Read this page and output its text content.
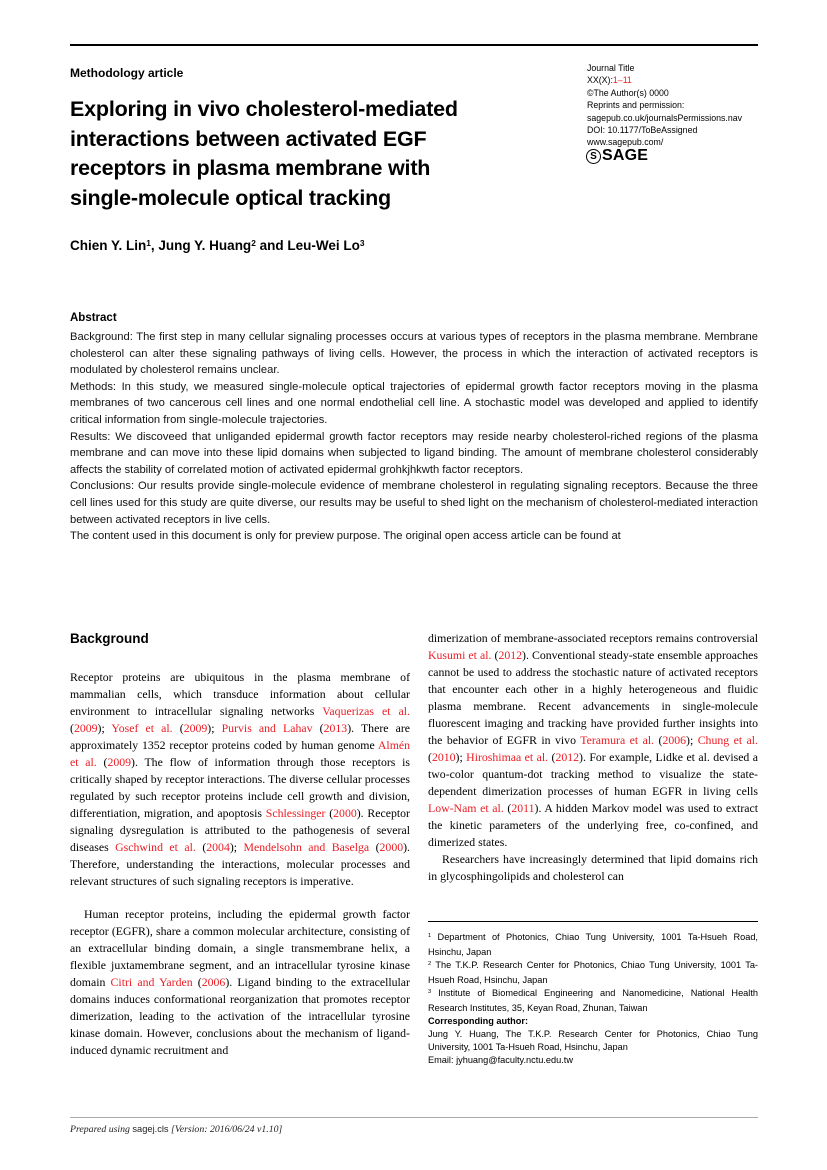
Methodology article	Journal Title
XX(X):1–11
©The Author(s) 0000
Reprints and permission:
sagepub.co.uk/journalsPermissions.nav
DOI: 10.1177/ToBeAssigned
www.sagepub.com/
S SAGE
Exploring in vivo cholesterol-mediated
interactions between activated EGF
receptors in plasma membrane with
single-molecule optical tracking
Chien Y. Lin$^1$, Jung Y. Huang$^2$ and Leu-Wei Lo$^3$
Abstract

Background: The first step in many cellular signaling processes occurs at various types of receptors in the plasma membrane. Membrane cholesterol can alter these signaling pathways of living cells. However, the process in which the interaction of activated receptors is modulated by cholesterol remains unclear.

Methods: In this study, we measured single-molecule optical trajectories of epidermal growth factor receptors moving in the plasma membranes of two cancerous cell lines and one normal endothelial cell line. A stochastic model was developed and applied to identify critical information from single-molecule trajectories.

Results: We discoveed that unliganded epidermal growth factor receptors may reside nearby cholesterol-riched regions of the plasma membrane and can move into these lipid domains when subjected to ligand binding. The amount of membrane cholesterol considerably affects the stability of correlated motion of activated epidermal grohkjhkwth factor receptors.

Conclusions: Our results provide single-molecule evidence of membrane cholesterol in regulating signaling receptors. Because the three cell lines used for this study are quite diverse, our results may be useful to shed light on the mechanism of cholesterol-mediated interaction between activated receptors in live cells.

The content used in this document is only for preview purpose. The original open access article can be found at

Background

Receptor proteins are ubiquitous in the plasma membrane of mammalian cells, which transduce information about cellular environment to intracellular signaling networks Vaquerizas et al. (2009); Yosef et al. (2009); Purvis and Lahav (2013). There are approximately 1352 receptor proteins coded by human genome Almén et al. (2009). The flow of information through those receptors is critically shaped by receptor interactions. The diverse cellular processes regulated by such receptor proteins include cell growth and division, differentiation, migration, and apoptosis Schlessinger (2000). Receptor signaling dysregulation is attributed to the pathogenesis of several diseases Gschwind et al. (2004); Mendelsohn and Baselga (2000). Therefore, understanding the interactions, molecular processes and relevant structures of such signaling receptors is imperative.

Human receptor proteins, including the epidermal growth factor receptor (EGFR), share a common molecular architecture, consisting of an extracellular binding domain, a single transmembrane helix, a flexible juxtamembrane segment, and an intracellular tyrosine kinase domain Citri and Yarden (2006). Ligand binding to the extracellular domains induces conformational reorganization that promotes receptor dimerization, leading to the activation of the intracellular tyrosine kinase domain. However, conclusions about the mechanism of ligand-induced dynamic recruitment and

dimerization of membrane-associated receptors remains controversial Kusumi et al. (2012). Conventional steady-state ensemble approaches cannot be used to address the stochastic nature of activated receptors that encounter each other in a highly heterogeneous and fluidic plasma membrane. Recent advancements in single-molecule fluorescent imaging and tracking have provided further insights into the behavior of EGFR in vivo Teramura et al. (2006); Chung et al. (2010); Hiroshimaa et al. (2012). For example, Lidke et al. devised a two-color quantum-dot tracking method to visualize the state-dependent dimerization processes of human EGFR in living cells Low-Nam et al. (2011). A hidden Markov model was used to extract the kinetic parameters of the underlying free, co-confined, and dimerized states.

Researchers have increasingly determined that lipid domains rich in glycosphingolipids and cholesterol can

$^1$ Department of Photonics, Chiao Tung University, 1001 Ta-Hsueh Road, Hsinchu, Japan

$^2$ The T.K.P. Research Center for Photonics, Chiao Tung University, 1001 Ta-Hsueh Road, Hsinchu, Japan

$^3$ Institute of Biomedical Engineering and Nanomedicine, National Health Research Institutes, 35, Keyan Road, Zhunan, Taiwan

Corresponding author:

Jung Y. Huang, The T.K.P. Research Center for Photonics, Chiao Tung University, 1001 Ta-Hsueh Road, Hsinchu, Japan

Email: jyhuang@faculty.nctu.edu.tw

Prepared using sagej.cls [Version: 2016/06/24 v1.10]
